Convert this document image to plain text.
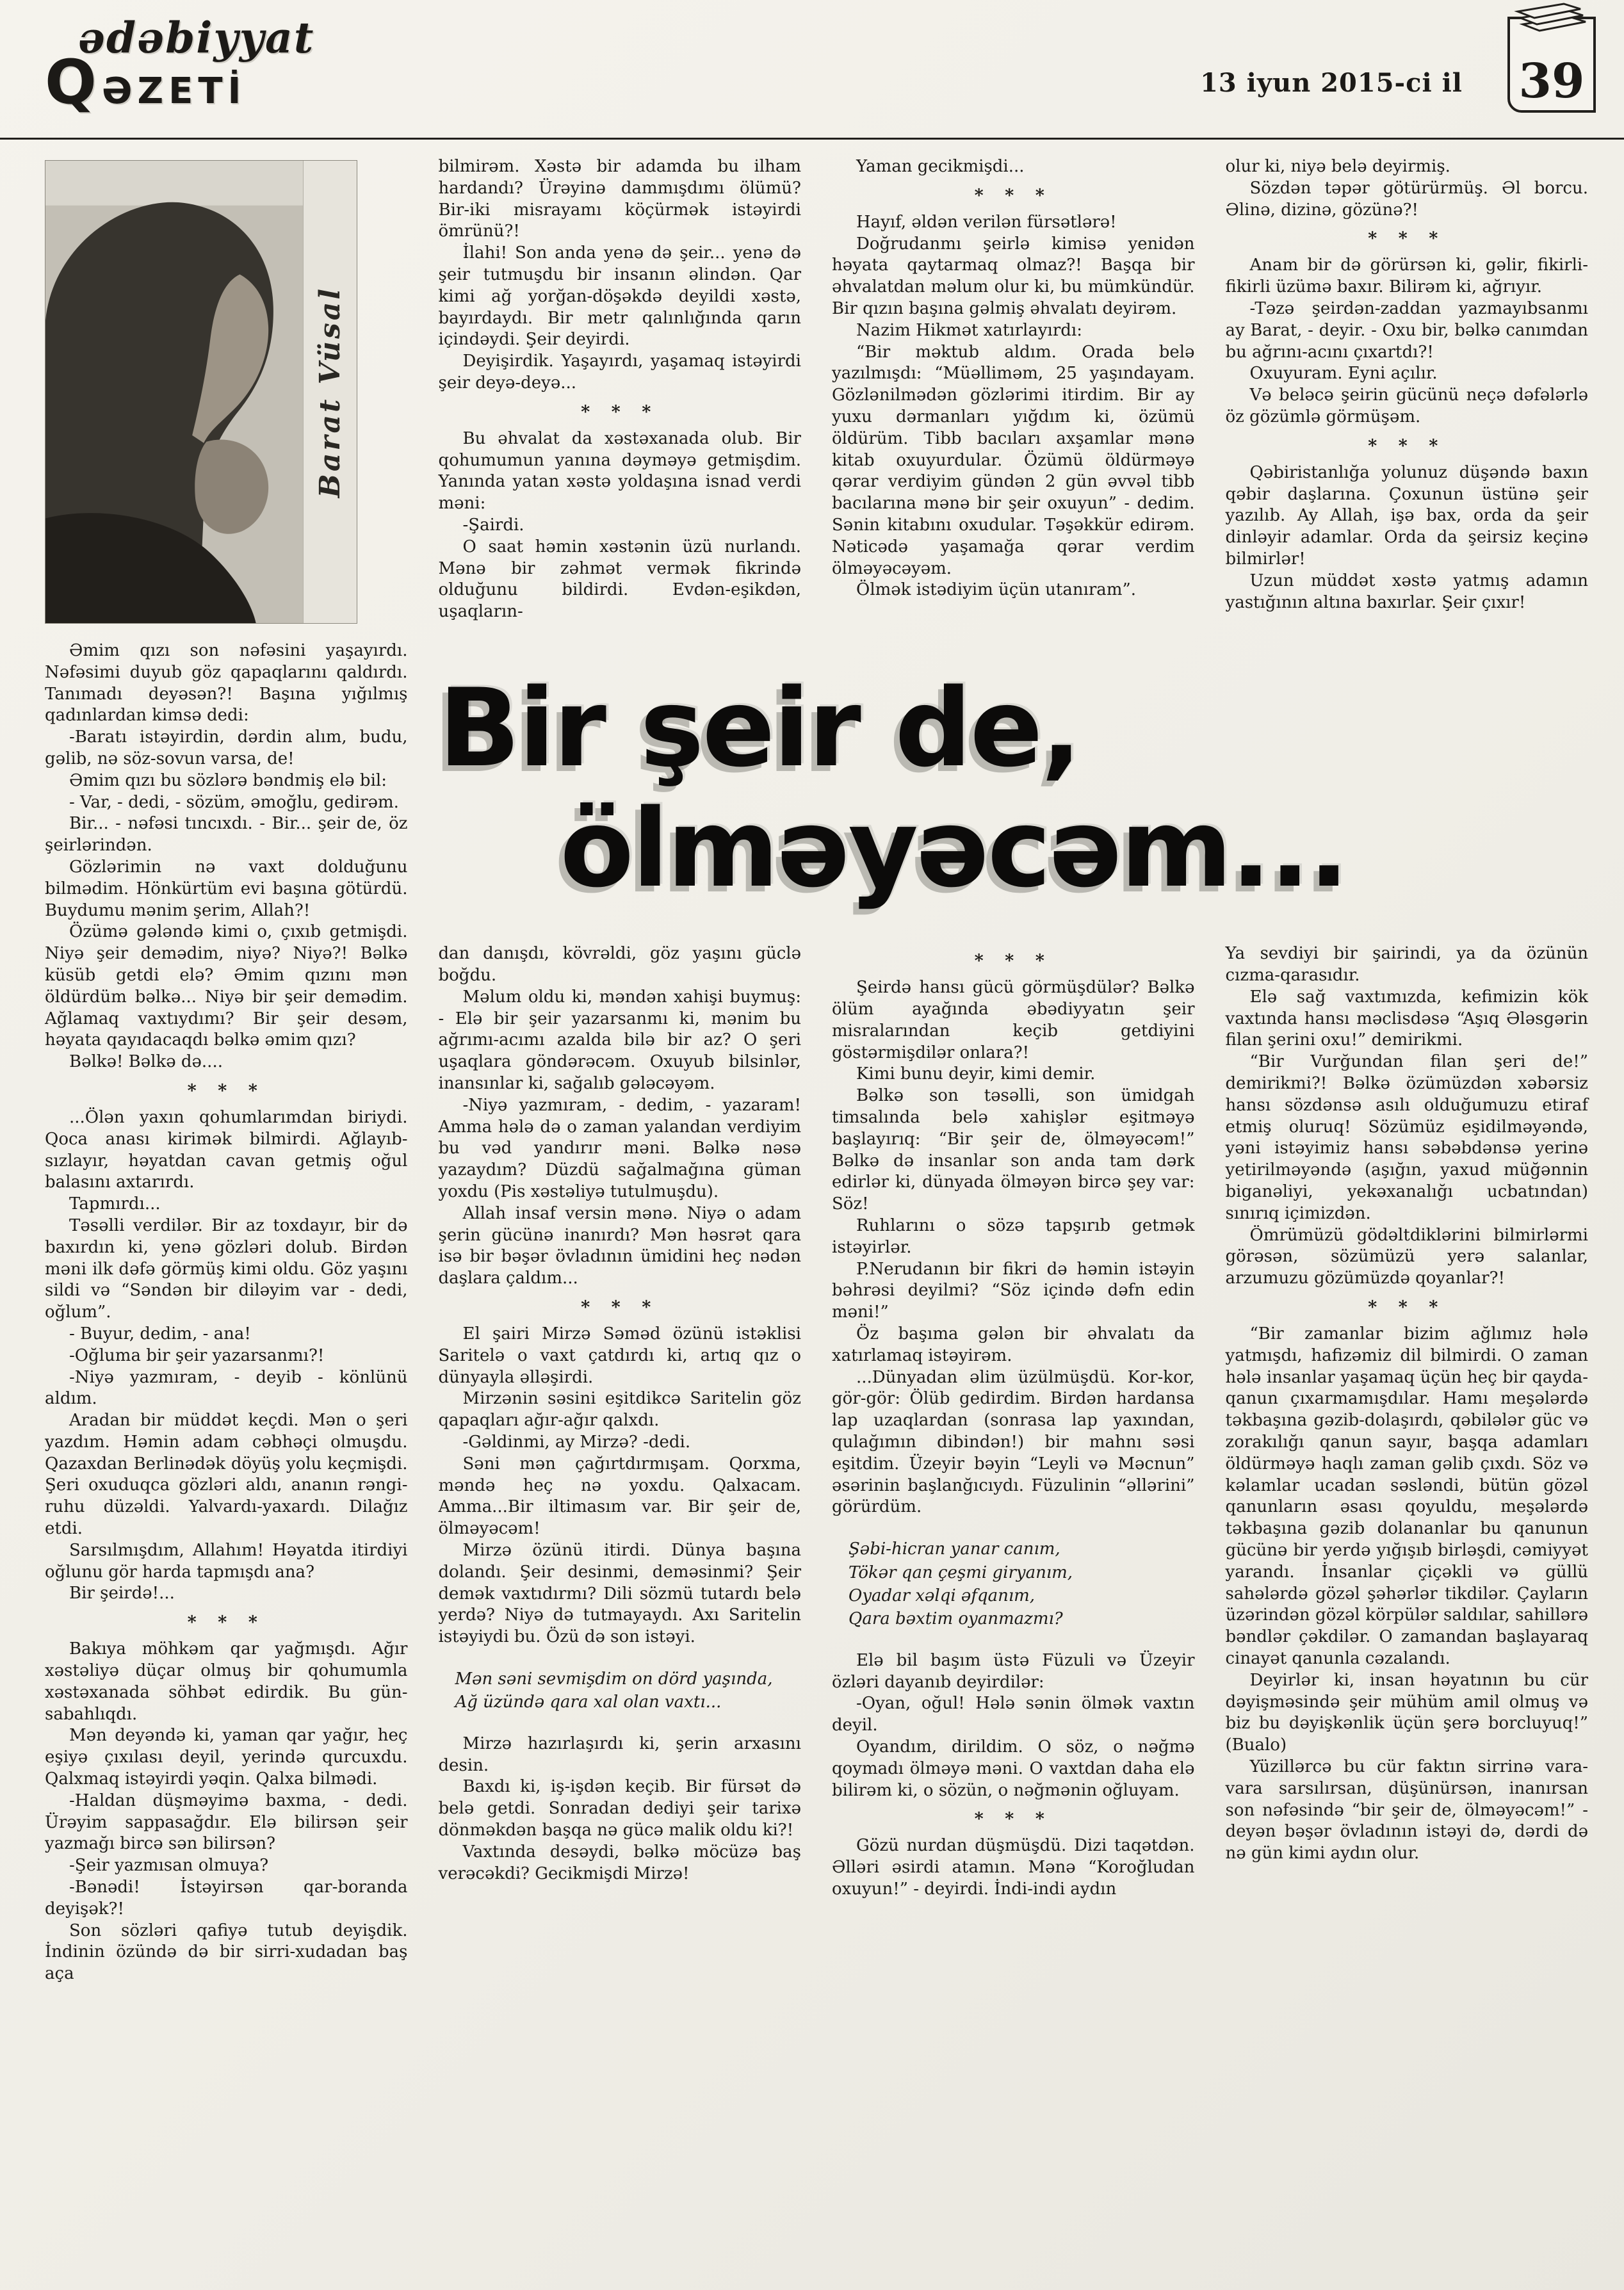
ədəbiyyat
QƏZETİ	13 iyun 2015-ci il 39
Barat Vüsal

Əmim qızı son nəfəsini yaşayırdı. Nəfəsimi duyub göz qapaqlarını qaldırdı. Tanımadı deyəsən?! Başına yığılmış qadınlardan kimsə dedi:

-Baratı istəyirdin, dərdin alım, budu, gəlib, nə söz-sovun varsa, de!

Əmim qızı bu sözlərə bəndmiş elə bil:

- Var, - dedi, - sözüm, əmoğlu, gedirəm.

Bir... - nəfəsi tıncıxdı. - Bir... şeir de, öz şeirlərindən.

Gözlərimin nə vaxt dolduğunu bilmədim. Hönkürtüm evi başına götürdü. Buydumu mənim şerim, Allah?!

Özümə gələndə kimi o, çıxıb getmişdi. Niyə şeir demədim, niyə? Niyə?! Bəlkə küsüb getdi elə? Əmim qızını mən öldürdüm bəlkə... Niyə bir şeir demədim. Ağlamaq vaxtıydımı? Bir şeir desəm, həyata qayıdacaqdı bəlkə əmim qızı?

Bəlkə! Bəlkə də....

* * *

...Ölən yaxın qohumlarımdan biriydi. Qoca anası kirimək bilmirdi. Ağlayıb-sızlayır, həyatdan cavan getmiş oğul balasını axtarırdı.

Tapmırdı...

Təsəlli verdilər. Bir az toxdayır, bir də baxırdın ki, yenə gözləri dolub. Birdən məni ilk dəfə görmüş kimi oldu. Göz yaşını sildi və “Səndən bir diləyim var - dedi, oğlum”.

- Buyur, dedim, - ana!

-Oğluma bir şeir yazarsanmı?!

-Niyə yazmıram, - deyib - könlünü aldım.

Aradan bir müddət keçdi. Mən o şeri yazdım. Həmin adam cəbhəçi olmuşdu. Qazaxdan Berlinədək döyüş yolu keçmişdi. Şeri oxuduqca gözləri aldı, ananın rəngi-ruhu düzəldi. Yalvardı-yaxardı. Dilağız etdi.

Sarsılmışdım, Allahım! Həyatda itirdiyi oğlunu gör harda tapmışdı ana?

Bir şeirdə!...

* * *

Bakıya möhkəm qar yağmışdı. Ağır xəstəliyə düçar olmuş bir qohumumla xəstəxanada söhbət edirdik. Bu gün-sabahlıqdı.

Mən deyəndə ki, yaman qar yağır, heç eşiyə çıxılası deyil, yerində qurcuxdu. Qalxmaq istəyirdi yəqin. Qalxa bilmədi.

-Haldan düşməyimə baxma, - dedi. Ürəyim sappasağdır. Elə bilirsən şeir yazmağı bircə sən bilirsən?

-Şeir yazmısan olmuya?

-Bənədi! İstəyirsən qar-boranda deyişək?!

Son sözləri qafiyə tutub deyişdik. İndinin özündə də bir sirri-xudadan baş aça

bilmirəm. Xəstə bir adamda bu ilham hardandı? Ürəyinə dammışdımı ölümü? Bir-iki misrayamı köçürmək istəyirdi ömrünü?!

İlahi! Son anda yenə də şeir... yenə də şeir tutmuşdu bir insanın əlindən. Qar kimi ağ yorğan-döşəkdə deyildi xəstə, bayırdaydı. Bir metr qalınlığında qarın içindəydi. Şeir deyirdi.

Deyişirdik. Yaşayırdı, yaşamaq istəyirdi şeir deyə-deyə...

* * *

Bu əhvalat da xəstəxanada olub. Bir qohumumun yanına dəyməyə getmişdim. Yanında yatan xəstə yoldaşına isnad verdi məni:

-Şairdi.

O saat həmin xəstənin üzü nurlandı. Mənə bir zəhmət vermək fikrində olduğunu bildirdi. Evdən-eşikdən, uşaqların-

Yaman gecikmişdi...

* * *

Hayıf, əldən verilən fürsətlərə!

Doğrudanmı şeirlə kimisə yenidən həyata qaytarmaq olmaz?! Başqa bir əhvalatdan məlum olur ki, bu mümkündür. Bir qızın başına gəlmiş əhvalatı deyirəm.

Nazim Hikmət xatırlayırdı:

“Bir məktub aldım. Orada belə yazılmışdı: “Müəlliməm, 25 yaşındayam. Gözlənilmədən gözlərimi itirdim. Bir ay yuxu dərmanları yığdım ki, özümü öldürüm. Tibb bacıları axşamlar mənə kitab oxuyurdular. Özümü öldürməyə qərar verdiyim gündən 2 gün əvvəl tibb bacılarına mənə bir şeir oxuyun” - dedim. Sənin kitabını oxudular. Təşəkkür edirəm. Nəticədə yaşamağa qərar verdim ölməyəcəyəm.

Ölmək istədiyim üçün utanıram”.

olur ki, niyə belə deyirmiş.

Sözdən təpər götürürmüş. Əl borcu. Əlinə, dizinə, gözünə?!

* * *

Anam bir də görürsən ki, gəlir, fikirli-fikirli üzümə baxır. Bilirəm ki, ağrıyır.

-Təzə şeirdən-zaddan yazmayıbsanmı ay Barat, - deyir. - Oxu bir, bəlkə canımdan bu ağrını-acını çıxartdı?!

Oxuyuram. Eyni açılır.

Və beləcə şeirin gücünü neçə dəfələrlə öz gözümlə görmüşəm.

* * *

Qəbiristanlığa yolunuz düşəndə baxın qəbir daşlarına. Çoxunun üstünə şeir yazılıb. Ay Allah, işə bax, orda da şeir dinləyir adamlar. Orda da şeirsiz keçinə bilmirlər!

Uzun müddət xəstə yatmış adamın yastığının altına baxırlar. Şeir çıxır!

Bir şeir de,
ölməyəcəm...

dan danışdı, kövrəldi, göz yaşını güclə boğdu.

Məlum oldu ki, məndən xahişi buymuş: - Elə bir şeir yazarsanmı ki, mənim bu ağrımı-acımı azalda bilə bir az? O şeri uşaqlara göndərəcəm. Oxuyub bilsinlər, inansınlar ki, sağalıb gələcəyəm.

-Niyə yazmıram, - dedim, - yazaram! Amma hələ də o zaman yalandan verdiyim bu vəd yandırır məni. Bəlkə nəsə yazaydım? Düzdü sağalmağına güman yoxdu (Pis xəstəliyə tutulmuşdu).

Allah insaf versin mənə. Niyə o adam şerin gücünə inanırdı? Mən həsrət qara isə bir bəşər övladının ümidini heç nədən daşlara çaldım...

* * *

El şairi Mirzə Səməd özünü istəklisi Saritelə o vaxt çatdırdı ki, artıq qız o dünyayla əlləşirdi.

Mirzənin səsini eşitdikcə Saritelin göz qapaqları ağır-ağır qalxdı.

-Gəldinmi, ay Mirzə? -dedi.

Səni mən çağırtdırmışam. Qorxma, məndə heç nə yoxdu. Qalxacam. Amma...Bir iltimasım var. Bir şeir de, ölməyəcəm!

Mirzə özünü itirdi. Dünya başına dolandı. Şeir desinmi, deməsinmi? Şeir demək vaxtıdırmı? Dili sözmü tutardı belə yerdə? Niyə də tutmayaydı. Axı Saritelin istəyiydi bu. Özü də son istəyi.

Mən səni sevmişdim on dörd yaşında,
Ağ üzündə qara xal olan vaxtı...

Mirzə hazırlaşırdı ki, şerin arxasını desin.

Baxdı ki, iş-işdən keçib. Bir fürsət də belə getdi. Sonradan dediyi şeir tarixə dönməkdən başqa nə gücə malik oldu ki?!

Vaxtında desəydi, bəlkə möcüzə baş verəcəkdi? Gecikmişdi Mirzə!

* * *

Şeirdə hansı gücü görmüşdülər? Bəlkə ölüm ayağında əbədiyyatın şeir misralarından keçib getdiyini göstərmişdilər onlara?!

Kimi bunu deyir, kimi demir.

Bəlkə son təsəlli, son ümidgah timsalında belə xahişlər eşitməyə başlayırıq: “Bir şeir de, ölməyəcəm!” Bəlkə də insanlar son anda tam dərk edirlər ki, dünyada ölməyən bircə şey var: Söz!

Ruhlarını o sözə tapşırıb getmək istəyirlər.

P.Nerudanın bir fikri də həmin istəyin bəhrəsi deyilmi? “Söz içində dəfn edin məni!”

Öz başıma gələn bir əhvalatı da xatırlamaq istəyirəm.

...Dünyadan əlim üzülmüşdü. Kor-kor, gör-gör: Ölüb gedirdim. Birdən hardansa lap uzaqlardan (sonrasa lap yaxından, qulağımın dibindən!) bir mahnı səsi eşitdim. Üzeyir bəyin “Leyli və Məcnun” əsərinin başlanğıcıydı. Füzulinin “əllərini” görürdüm.

Şəbi-hicran yanar canım,
Tökər qan çeşmi giryanım,
Oyadar xəlqi əfqanım,
Qara bəxtim oyanmazmı?

Elə bil başım üstə Füzuli və Üzeyir özləri dayanıb deyirdilər:

-Oyan, oğul! Hələ sənin ölmək vaxtın deyil.

Oyandım, dirildim. O söz, o nəğmə qoymadı ölməyə məni. O vaxtdan daha elə bilirəm ki, o sözün, o nəğmənin oğluyam.

* * *

Gözü nurdan düşmüşdü. Dizi taqətdən. Əlləri əsirdi atamın. Mənə “Koroğludan oxuyun!” - deyirdi. İndi-indi aydın

Ya sevdiyi bir şairindi, ya da özünün cızma-qarasıdır.

Elə sağ vaxtımızda, kefimizin kök vaxtında hansı məclisdəsə “Aşıq Ələsgərin filan şerini oxu!” demirikmi.

“Bir Vurğundan filan şeri de!” demirikmi?! Bəlkə özümüzdən xəbərsiz hansı sözdənsə asılı olduğumuzu etiraf etmiş oluruq! Sözümüz eşidilməyəndə, yəni istəyimiz hansı səbəbdənsə yerinə yetirilməyəndə (aşığın, yaxud müğənnin biganəliyi, yekəxanalığı ucbatından) sınırıq içimizdən.

Ömrümüzü gödəltdiklərini bilmirlərmi görəsən, sözümüzü yerə salanlar, arzumuzu gözümüzdə qoyanlar?!

* * *

“Bir zamanlar bizim ağlımız hələ yatmışdı, hafizəmiz dil bilmirdi. O zaman hələ insanlar yaşamaq üçün heç bir qayda-qanun çıxarmamışdılar. Hamı meşələrdə təkbaşına gəzib-dolaşırdı, qəbilələr güc və zorakılığı qanun sayır, başqa adamları öldürməyə haqlı zaman gəlib çıxdı. Söz və kəlamlar ucadan səsləndi, bütün gözəl qanunların əsası qoyuldu, meşələrdə təkbaşına gəzib dolananlar bu qanunun gücünə bir yerdə yığışıb birləşdi, cəmiyyət yarandı. İnsanlar çiçəkli və güllü sahələrdə gözəl şəhərlər tikdilər. Çayların üzərindən gözəl körpülər saldılar, sahillərə bəndlər çəkdilər. O zamandan başlayaraq cinayət qanunla cəzalandı.

Deyirlər ki, insan həyatının bu cür dəyişməsində şeir mühüm amil olmuş və biz bu dəyişkənlik üçün şerə borcluyuq!” (Bualo)

Yüzillərcə bu cür faktın sirrinə vara-vara sarsılırsan, düşünürsən, inanırsan son nəfəsində “bir şeir de, ölməyəcəm!” - deyən bəşər övladının istəyi də, dərdi də nə gün kimi aydın olur.
